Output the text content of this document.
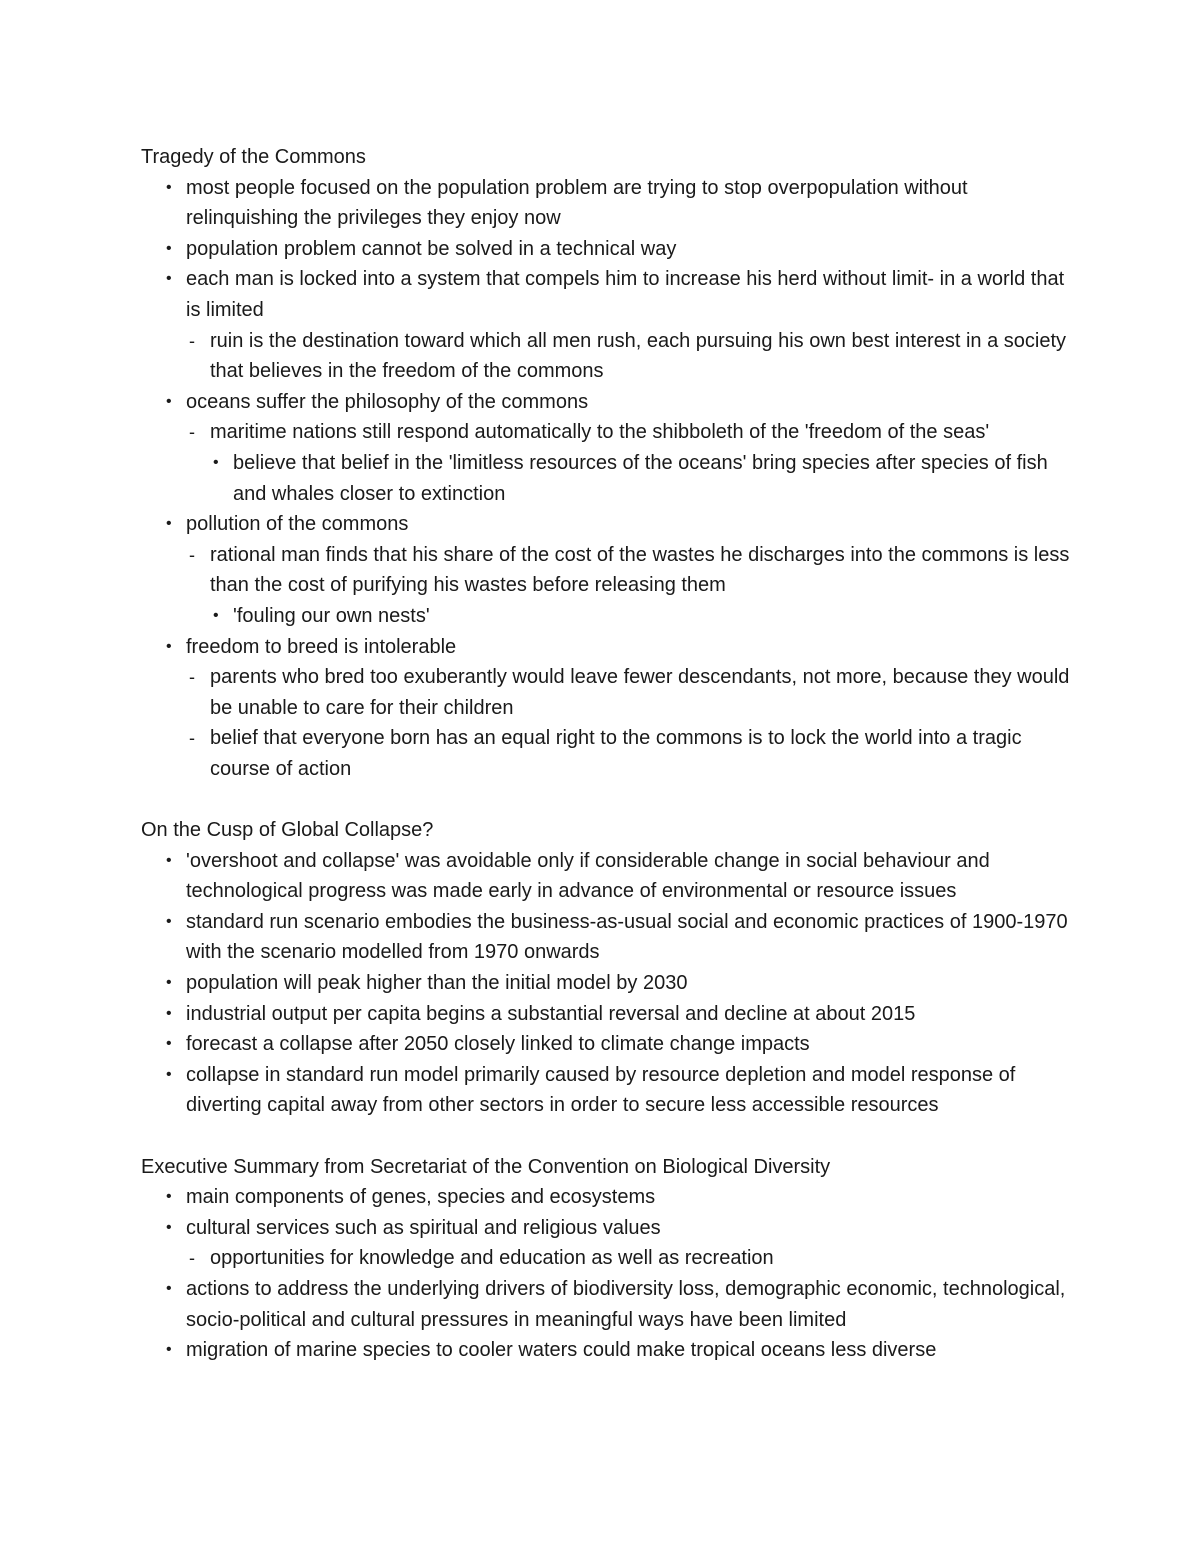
Tragedy of the Commons
• most people focused on the population problem are trying to stop overpopulation without relinquishing the privileges they enjoy now
• population problem cannot be solved in a technical way
• each man is locked into a system that compels him to increase his herd without limit- in a world that is limited
‐ ruin is the destination toward which all men rush, each pursuing his own best interest in a society that believes in the freedom of the commons
• oceans suffer the philosophy of the commons
‐ maritime nations still respond automatically to the shibboleth of the 'freedom of the seas'
• believe that belief in the 'limitless resources of the oceans' bring species after species of fish and whales closer to extinction
• pollution of the commons
‐ rational man finds that his share of the cost of the wastes he discharges into the commons is less than the cost of purifying his wastes before releasing them
• 'fouling our own nests'
• freedom to breed is intolerable
‐ parents who bred too exuberantly would leave fewer descendants, not more, because they would be unable to care for their children
‐ belief that everyone born has an equal right to the commons is to lock the world into a tragic course of action
On the Cusp of Global Collapse?
• 'overshoot and collapse' was avoidable only if considerable change in social behaviour and technological progress was made early in advance of environmental or resource issues
• standard run scenario embodies the business-as-usual social and economic practices of 1900-1970 with the scenario modelled from 1970 onwards
• population will peak higher than the initial model by 2030
• industrial output per capita begins a substantial reversal and decline at about 2015
• forecast a collapse after 2050 closely linked to climate change impacts
• collapse in standard run model primarily caused by resource depletion and model response of diverting capital away from other sectors in order to secure less accessible resources
Executive Summary from Secretariat of the Convention on Biological Diversity
• main components of genes, species and ecosystems
• cultural services such as spiritual and religious values
‐ opportunities for knowledge and education as well as recreation
• actions to address the underlying drivers of biodiversity loss, demographic economic, technological, socio-political and cultural pressures in meaningful ways have been limited
• migration of marine species to cooler waters could make tropical oceans less diverse
